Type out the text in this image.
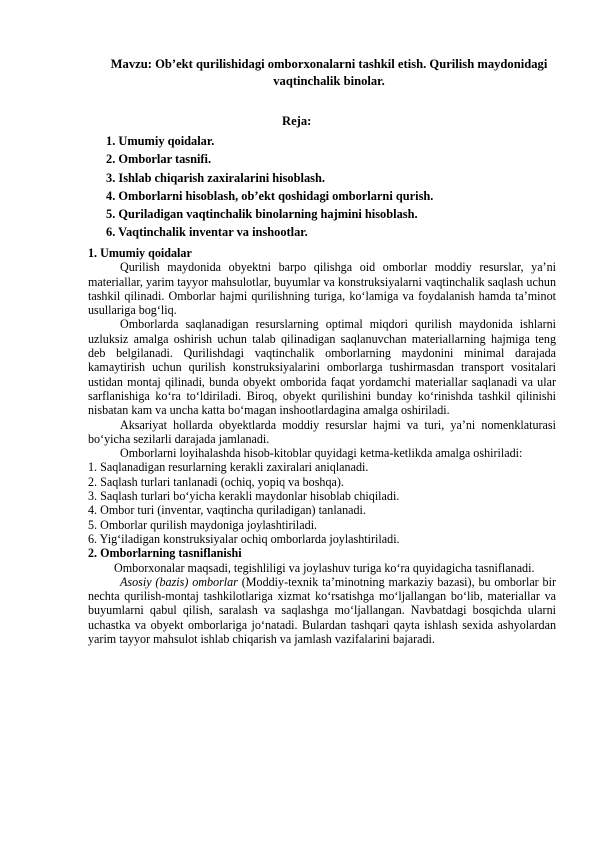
Mavzu: Ob’ekt qurilishidagi omborxonalarni tashkil etish. Qurilish maydonidagi vaqtinchalik binolar.
Reja:
1. Umumiy qoidalar.
2. Omborlar tasnifi.
3. Ishlab chiqarish zaxiralarini hisoblash.
4. Omborlarni hisoblash, ob’ekt qoshidagi omborlarni qurish.
5. Quriladigan vaqtinchalik binolarning hajmini hisoblash.
6. Vaqtinchalik inventar va inshootlar.

1. Umumiy qoidalar

Qurilish maydonida obyektni barpo qilishga oid omborlar moddiy resurslar, ya’ni materiallar, yarim tayyor mahsulotlar, buyumlar va konstruksiyalarni vaqtinchalik saqlash uchun tashkil qilinadi. Omborlar hajmi qurilishning turiga, ko‘lamiga va foydalanish hamda ta’minot usullariga bog‘liq.

Omborlarda saqlanadigan resurslarning optimal miqdori qurilish maydonida ishlarni uzluksiz amalga oshirish uchun talab qilinadigan saqlanuvchan materiallarning hajmiga teng deb belgilanadi. Qurilishdagi vaqtinchalik omborlarning maydonini minimal darajada kamaytirish uchun qurilish konstruksiyalarini omborlarga tushirmasdan transport vositalari ustidan montaj qilinadi, bunda obyekt omborida faqat yordamchi materiallar saqlanadi va ular sarflanishiga ko‘ra to‘ldiriladi. Biroq, obyekt qurilishini bunday ko‘rinishda tashkil qilinishi nisbatan kam va uncha katta bo‘magan inshootlardagina amalga oshiriladi.

Aksariyat hollarda obyektlarda moddiy resurslar hajmi va turi, ya’ni nomenklaturasi bo‘yicha sezilarli darajada jamlanadi.

Omborlarni loyihalashda hisob-kitoblar quyidagi ketma-ketlikda amalga oshiriladi:

1. Saqlanadigan resurlarning kerakli zaxiralari aniqlanadi.

2. Saqlash turlari tanlanadi (ochiq, yopiq va boshqa).

3. Saqlash turlari bo‘yicha kerakli maydonlar hisoblab chiqiladi.

4. Ombor turi (inventar, vaqtincha quriladigan) tanlanadi.

5. Omborlar qurilish maydoniga joylashtiriladi.

6. Yig‘iladigan konstruksiyalar ochiq omborlarda joylashtiriladi.

2. Omborlarning tasniflanishi

Omborxonalar maqsadi, tegishliligi va joylashuv turiga ko‘ra quyidagicha tasniflanadi.

Asosiy (bazis) omborlar (Moddiy-texnik ta’minotning markaziy bazasi), bu omborlar bir nechta qurilish-montaj tashkilotlariga xizmat ko‘rsatishga mo‘ljallangan bo‘lib, materiallar va buyumlarni qabul qilish, saralash va saqlashga mo‘ljallangan. Navbatdagi bosqichda ularni uchastka va obyekt omborlariga jo‘natadi. Bulardan tashqari qayta ishlash sexida ashyolardan yarim tayyor mahsulot ishlab chiqarish va jamlash vazifalarini bajaradi.
